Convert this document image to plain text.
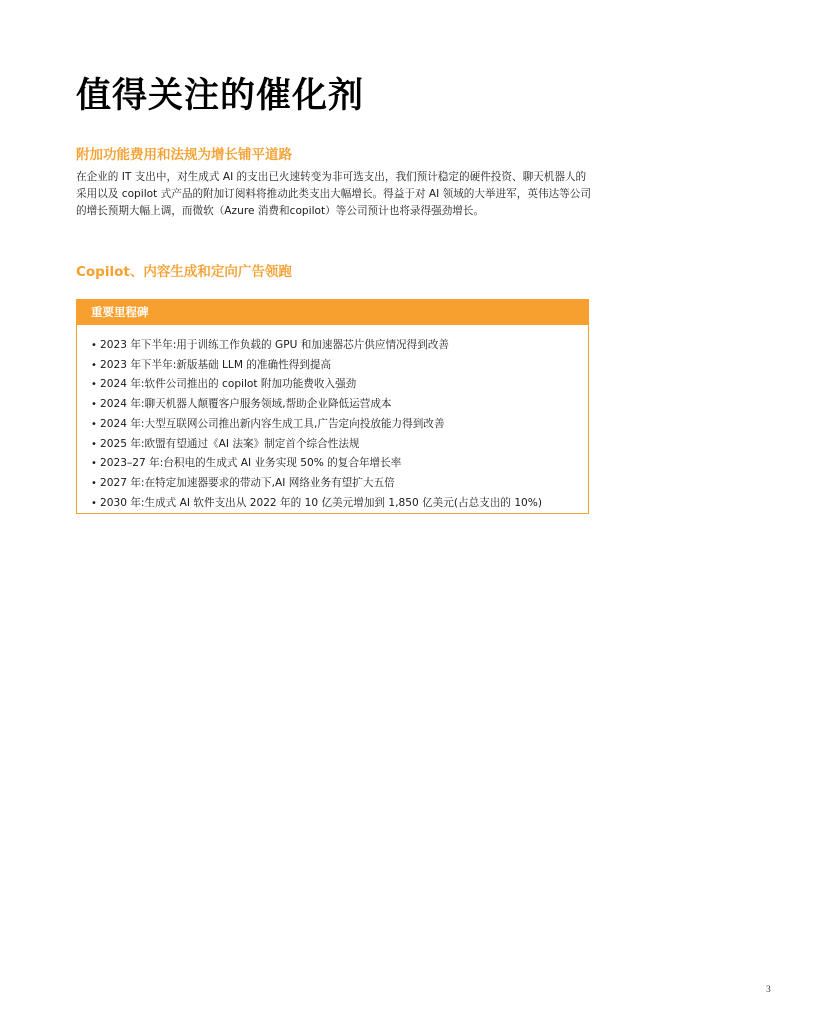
值得关注的催化剂
附加功能费用和法规为增长铺平道路

在企业的 IT 支出中，对生成式 AI 的支出已火速转变为非可选支出，我们预计稳定的硬件投资、聊天机器人的采用以及 copilot 式产品的附加订阅料将推动此类支出大幅增长。得益于对 AI 领域的大举进军，英伟达等公司的增长预期大幅上调，而微软（Azure 消费和copilot）等公司预计也将录得强劲增长。

Copilot、内容生成和定向广告领跑
重要里程碑
• 2023 年下半年:用于训练工作负载的 GPU 和加速器芯片供应情况得到改善
• 2023 年下半年:新版基础 LLM 的准确性得到提高
• 2024 年:软件公司推出的 copilot 附加功能费收入强劲
• 2024 年:聊天机器人颠覆客户服务领域,帮助企业降低运营成本
• 2024 年:大型互联网公司推出新内容生成工具,广告定向投放能力得到改善
• 2025 年:欧盟有望通过《AI 法案》制定首个综合性法规
• 2023–27 年:台积电的生成式 AI 业务实现 50% 的复合年增长率
• 2027 年:在特定加速器要求的带动下,AI 网络业务有望扩大五倍
• 2030 年:生成式 AI 软件支出从 2022 年的 10 亿美元增加到 1,850 亿美元(占总支出的 10%)
3
